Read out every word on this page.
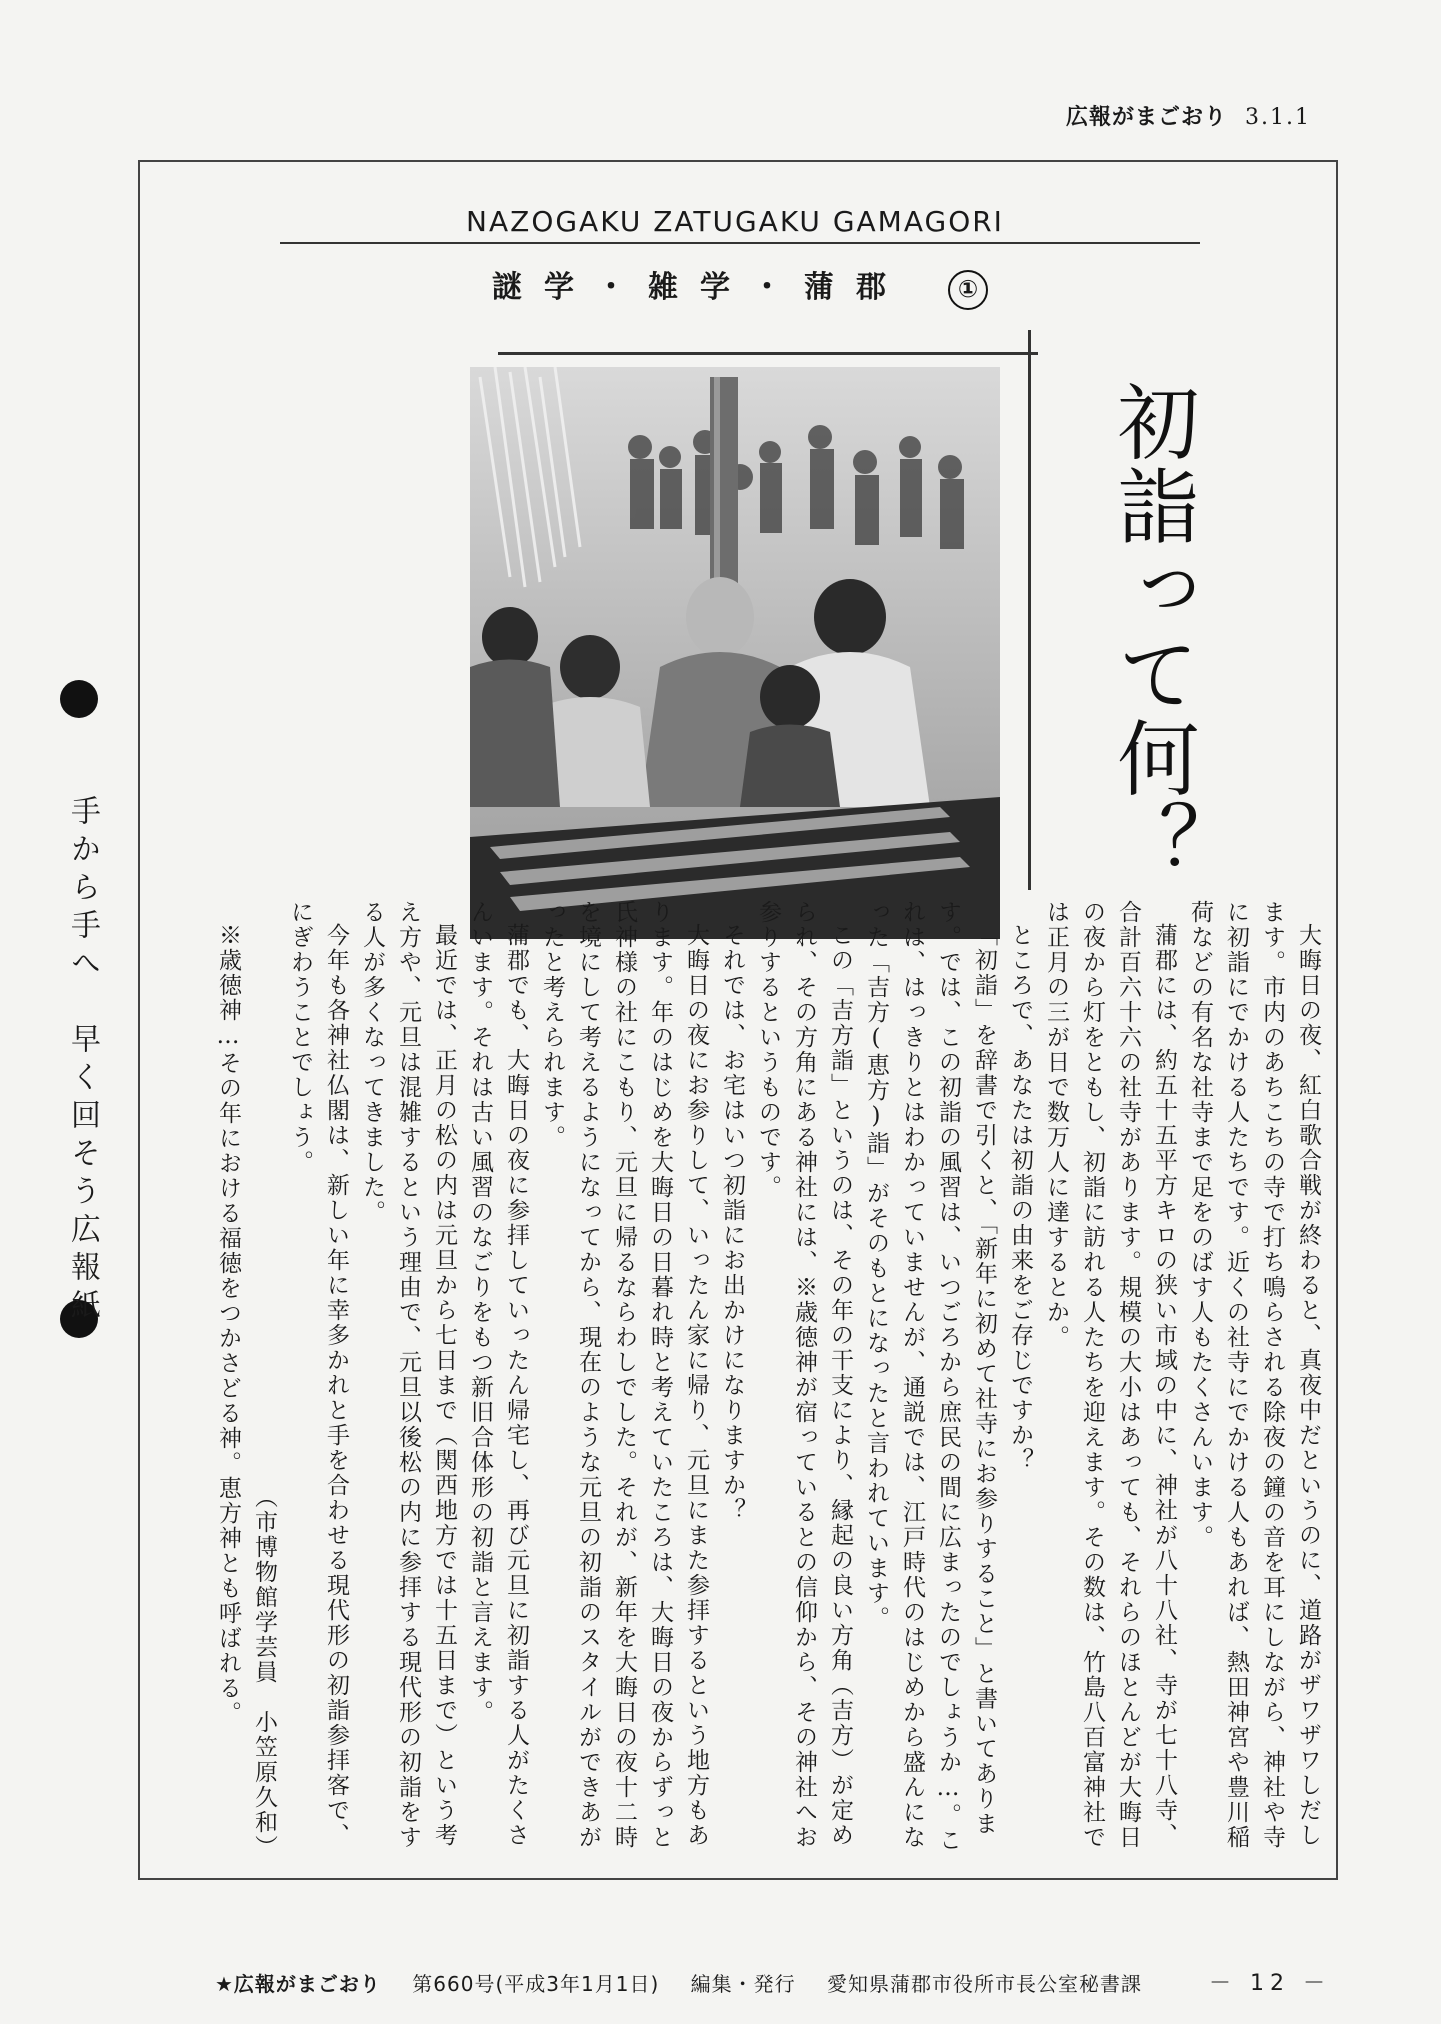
広報がまごおり 3.1.1
NAZOGAKU ZATUGAKU GAMAGORI
謎学・雑学・蒲郡 ①
初詣って何？
手から手へ　早く回そう広報紙	大晦日の夜、紅白歌合戦が終わると、真夜中だというのに、道路がザワザワしだします。市内のあちこちの寺で打ち鳴らされる除夜の鐘の音を耳にしながら、神社や寺に初詣にでかける人たちです。近くの社寺にでかける人もあれば、熱田神宮や豊川稲荷などの有名な社寺まで足をのばす人もたくさんいます。

蒲郡には、約五十五平方キロの狭い市域の中に、神社が八十八社、寺が七十八寺、合計百六十六の社寺があります。規模の大小はあっても、それらのほとんどが大晦日の夜から灯をともし、初詣に訪れる人たちを迎えます。その数は、竹島八百富神社では正月の三が日で数万人に達するとか。

ところで、あなたは初詣の由来をご存じですか？

「初詣」を辞書で引くと、「新年に初めて社寺にお参りすること」と書いてあります。では、この初詣の風習は、いつごろから庶民の間に広まったのでしょうか…。これは、はっきりとはわかっていませんが、通説では、江戸時代のはじめから盛んになった「吉方(恵方)詣」がそのもとになったと言われています。

この「吉方詣」というのは、その年の干支により、縁起の良い方角（吉方）が定められ、その方角にある神社には、※歳徳神が宿っているとの信仰から、その神社へお参りするというものです。

それでは、お宅はいつ初詣にお出かけになりますか？

大晦日の夜にお参りして、いったん家に帰り、元旦にまた参拝するという地方もあります。年のはじめを大晦日の日暮れ時と考えていたころは、大晦日の夜からずっと氏神様の社にこもり、元旦に帰るならわしでした。それが、新年を大晦日の夜十二時を境にして考えるようになってから、現在のような元旦の初詣のスタイルができあがったと考えられます。

蒲郡でも、大晦日の夜に参拝していったん帰宅し、再び元旦に初詣する人がたくさんいます。それは古い風習のなごりをもつ新旧合体形の初詣と言えます。

最近では、正月の松の内は元旦から七日まで（関西地方では十五日まで）という考え方や、元旦は混雑するという理由で、元旦以後松の内に参拝する現代形の初詣をする人が多くなってきました。

今年も各神社仏閣は、新しい年に幸多かれと手を合わせる現代形の初詣参拝客で、にぎわうことでしょう。

（市博物館学芸員　小笠原久和）

※歳徳神…その年における福徳をつかさどる神。恵方神とも呼ばれる。

★広報がまごおり 第660号(平成3年1月1日) 編集・発行 愛知県蒲郡市役所市長公室秘書課	－ 12 －
